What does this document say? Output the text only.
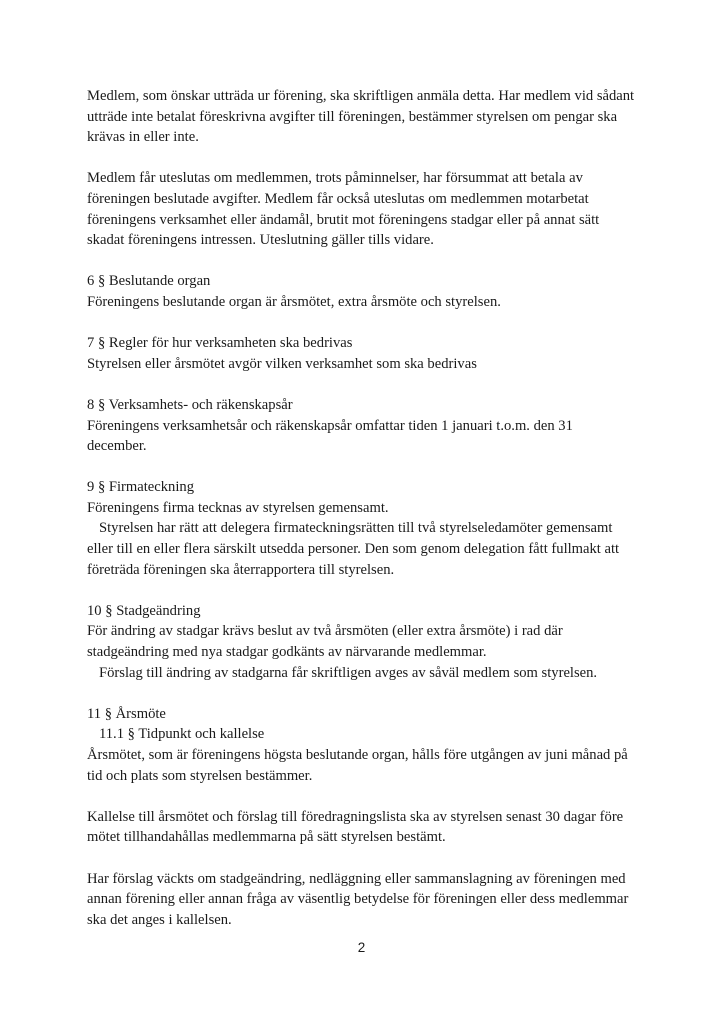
Medlem, som önskar utträda ur förening, ska skriftligen anmäla detta. Har medlem vid sådant
utträde inte betalat föreskrivna avgifter till föreningen, bestämmer styrelsen om pengar ska
krävas in eller inte.

Medlem får uteslutas om medlemmen, trots påminnelser, har försummat att betala av
föreningen beslutade avgifter. Medlem får också uteslutas om medlemmen motarbetat
föreningens verksamhet eller ändamål, brutit mot föreningens stadgar eller på annat sätt
skadat föreningens intressen. Uteslutning gäller tills vidare.

6 § Beslutande organ
Föreningens beslutande organ är årsmötet, extra årsmöte och styrelsen.

7 § Regler för hur verksamheten ska bedrivas
Styrelsen eller årsmötet avgör vilken verksamhet som ska bedrivas

8 § Verksamhets- och räkenskapsår
Föreningens verksamhetsår och räkenskapsår omfattar tiden 1 januari t.o.m. den 31
december.

9 § Firmateckning
Föreningens firma tecknas av styrelsen gemensamt.
Styrelsen har rätt att delegera firmateckningsrätten till två styrelseledamöter gemensamt
eller till en eller flera särskilt utsedda personer. Den som genom delegation fått fullmakt att
företräda föreningen ska återrapportera till styrelsen.

10 § Stadgeändring
För ändring av stadgar krävs beslut av två årsmöten (eller extra årsmöte) i rad där
stadgeändring med nya stadgar godkänts av närvarande medlemmar.
Förslag till ändring av stadgarna får skriftligen avges av såväl medlem som styrelsen.

11 § Årsmöte
11.1 § Tidpunkt och kallelse
Årsmötet, som är föreningens högsta beslutande organ, hålls före utgången av juni månad på
tid och plats som styrelsen bestämmer.

Kallelse till årsmötet och förslag till föredragningslista ska av styrelsen senast 30 dagar före
mötet tillhandahållas medlemmarna på sätt styrelsen bestämt.

Har förslag väckts om stadgeändring, nedläggning eller sammanslagning av föreningen med
annan förening eller annan fråga av väsentlig betydelse för föreningen eller dess medlemmar
ska det anges i kallelsen.

2
